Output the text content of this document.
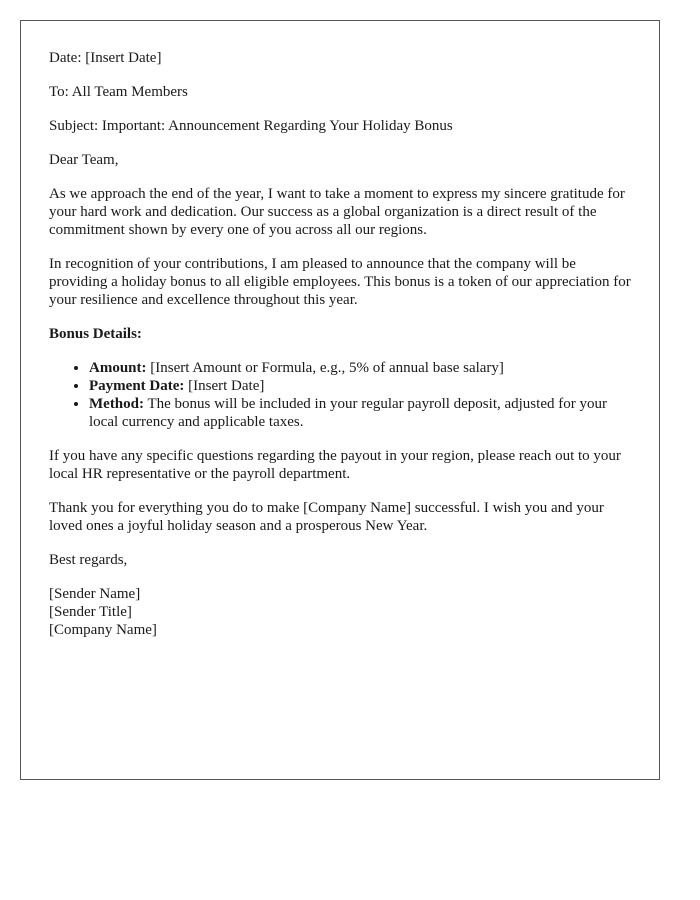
Date: [Insert Date]

To: All Team Members

Subject: Important: Announcement Regarding Your Holiday Bonus

Dear Team,

As we approach the end of the year, I want to take a moment to express my sincere gratitude for your hard work and dedication. Our success as a global organization is a direct result of the commitment shown by every one of you across all our regions.

In recognition of your contributions, I am pleased to announce that the company will be providing a holiday bonus to all eligible employees. This bonus is a token of our appreciation for your resilience and excellence throughout this year.

Bonus Details:

• Amount: [Insert Amount or Formula, e.g., 5% of annual base salary]
• Payment Date: [Insert Date]
• Method: The bonus will be included in your regular payroll deposit, adjusted for your local currency and applicable taxes.

If you have any specific questions regarding the payout in your region, please reach out to your local HR representative or the payroll department.

Thank you for everything you do to make [Company Name] successful. I wish you and your loved ones a joyful holiday season and a prosperous New Year.

Best regards,

[Sender Name]
[Sender Title]
[Company Name]
